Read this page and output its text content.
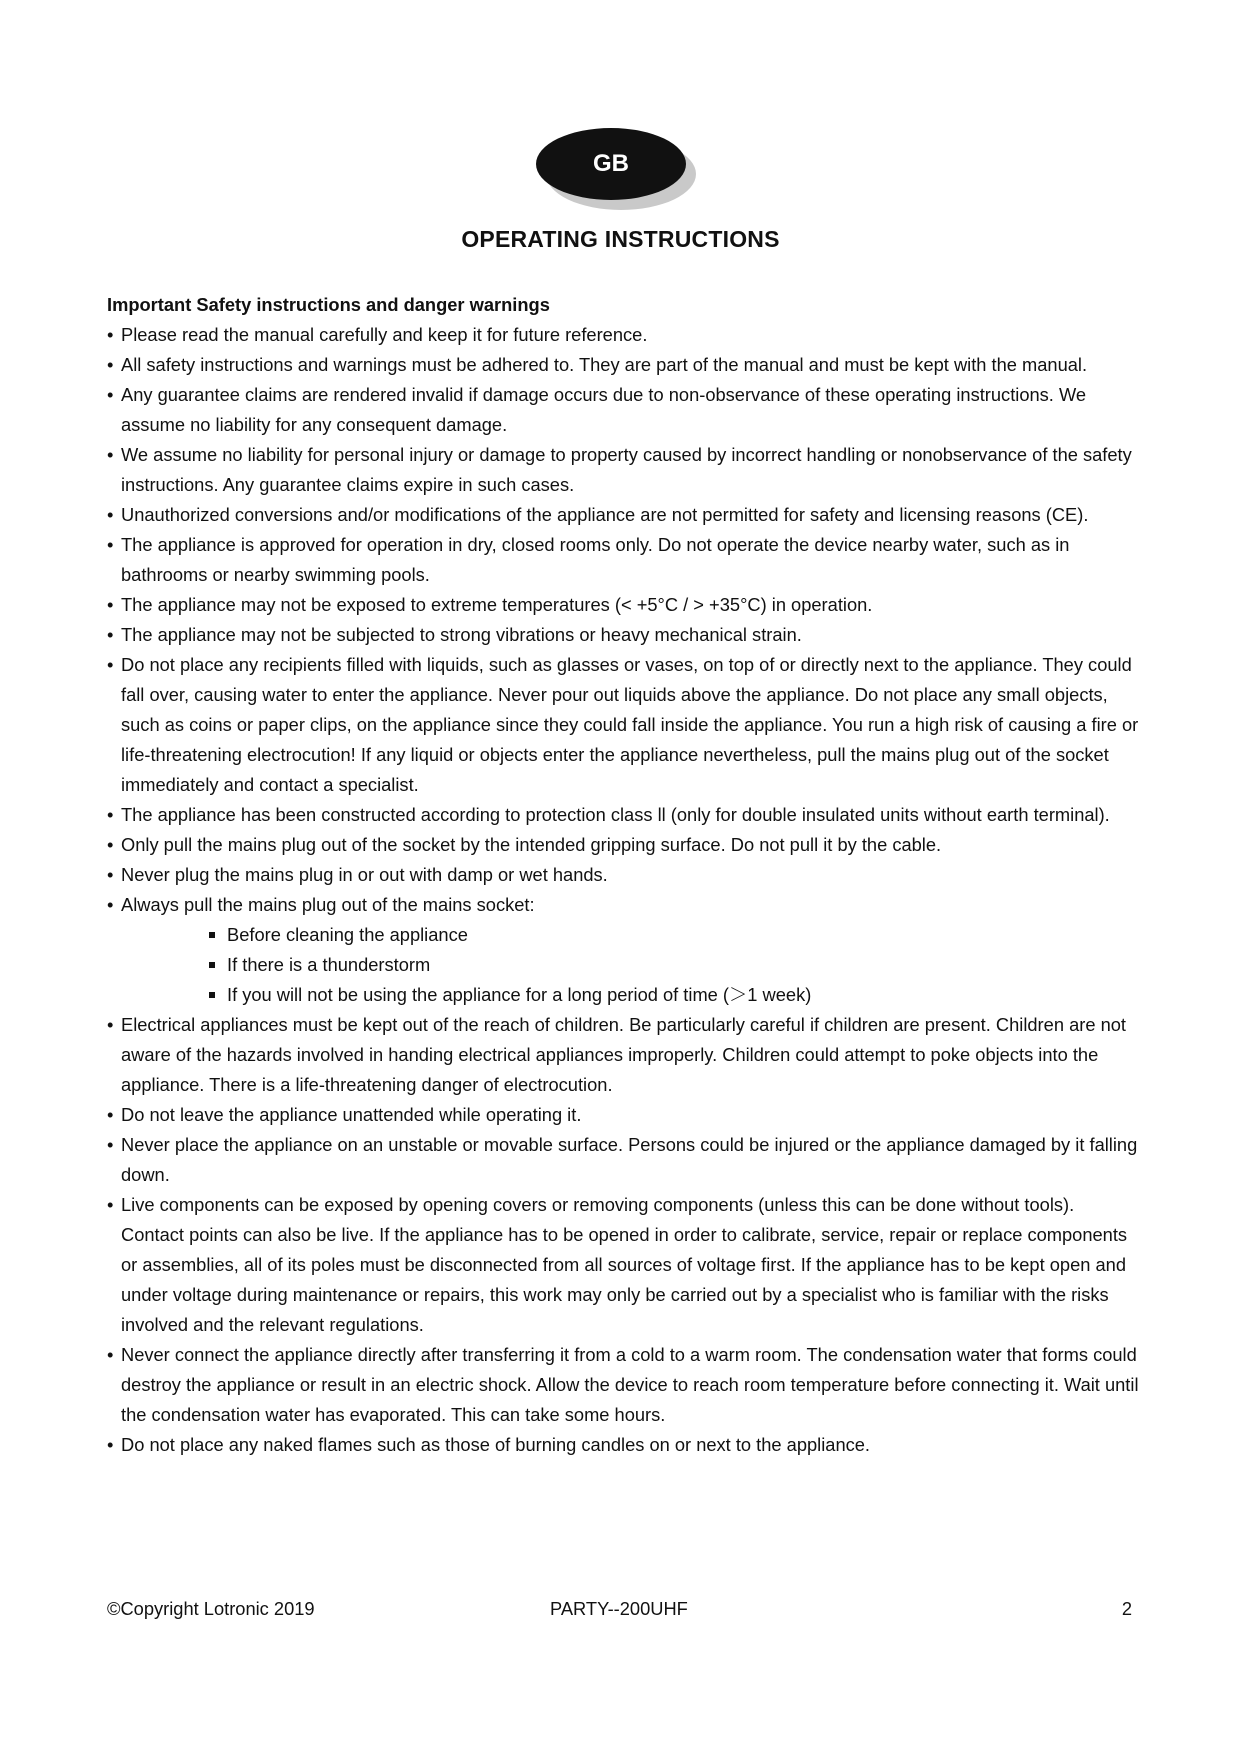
GB
OPERATING INSTRUCTIONS

Important Safety instructions and danger warnings

• Please read the manual carefully and keep it for future reference.
• All safety instructions and warnings must be adhered to. They are part of the manual and must be kept with the manual.
• Any guarantee claims are rendered invalid if damage occurs due to non-observance of these operating instructions. We assume no liability for any consequent damage.
• We assume no liability for personal injury or damage to property caused by incorrect handling or nonobservance of the safety instructions. Any guarantee claims expire in such cases.
• Unauthorized conversions and/or modifications of the appliance are not permitted for safety and licensing reasons (CE).
• The appliance is approved for operation in dry, closed rooms only. Do not operate the device nearby water, such as in bathrooms or nearby swimming pools.
• The appliance may not be exposed to extreme temperatures (< +5°C / > +35°C) in operation.
• The appliance may not be subjected to strong vibrations or heavy mechanical strain.
• Do not place any recipients filled with liquids, such as glasses or vases, on top of or directly next to the appliance. They could fall over, causing water to enter the appliance. Never pour out liquids above the appliance. Do not place any small objects, such as coins or paper clips, on the appliance since they could fall inside the appliance. You run a high risk of causing a fire or life-threatening electrocution! If any liquid or objects enter the appliance nevertheless, pull the mains plug out of the socket immediately and contact a specialist.
• The appliance has been constructed according to protection class ll (only for double insulated units without earth terminal).
• Only pull the mains plug out of the socket by the intended gripping surface. Do not pull it by the cable.
• Never plug the mains plug in or out with damp or wet hands.
• Always pull the mains plug out of the mains socket:
Before cleaning the appliance
If there is a thunderstorm
If you will not be using the appliance for a long period of time (＞1 week)
• Electrical appliances must be kept out of the reach of children. Be particularly careful if children are present. Children are not aware of the hazards involved in handing electrical appliances improperly. Children could attempt to poke objects into the appliance. There is a life-threatening danger of electrocution.
• Do not leave the appliance unattended while operating it.
• Never place the appliance on an unstable or movable surface. Persons could be injured or the appliance damaged by it falling down.
• Live components can be exposed by opening covers or removing components (unless this can be done without tools). Contact points can also be live. If the appliance has to be opened in order to calibrate, service, repair or replace components or assemblies, all of its poles must be disconnected from all sources of voltage first. If the appliance has to be kept open and under voltage during maintenance or repairs, this work may only be carried out by a specialist who is familiar with the risks involved and the relevant regulations.
• Never connect the appliance directly after transferring it from a cold to a warm room. The condensation water that forms could destroy the appliance or result in an electric shock. Allow the device to reach room temperature before connecting it. Wait until the condensation water has evaporated. This can take some hours.
• Do not place any naked flames such as those of burning candles on or next to the appliance.
©Copyright Lotronic 2019	PARTY--200UHF	2
